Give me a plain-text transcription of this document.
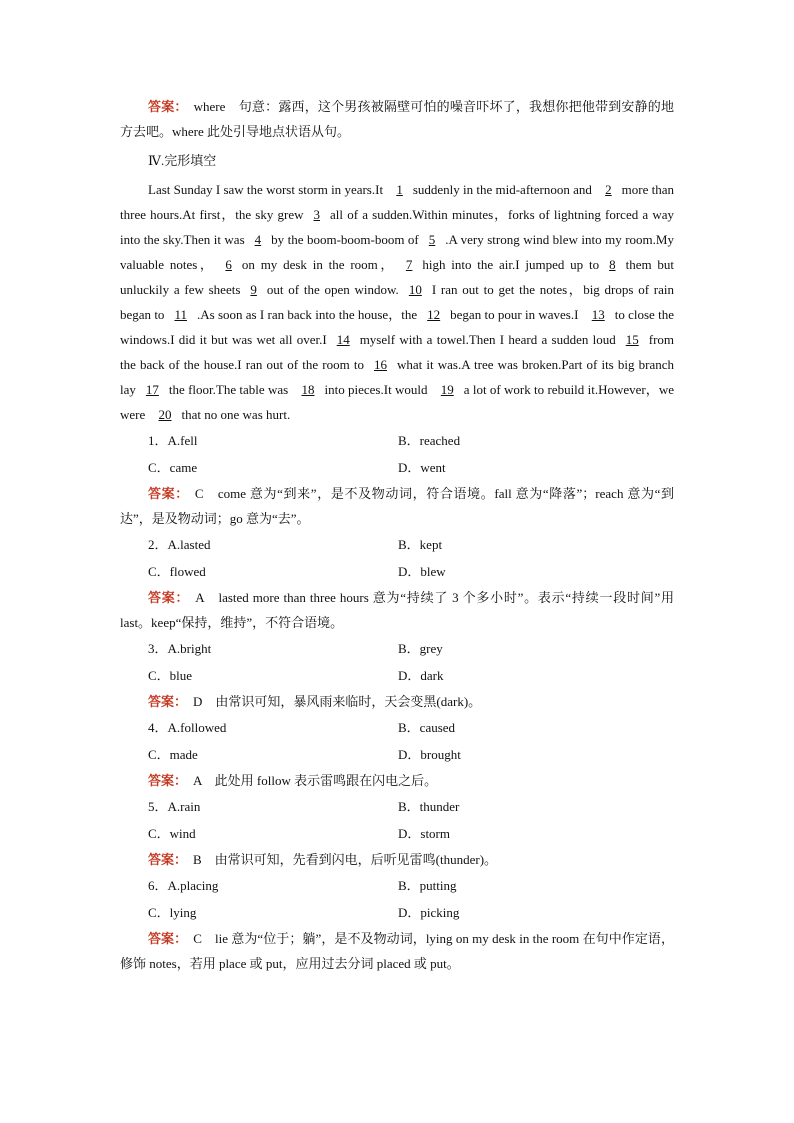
答案： where　句意：露西，这个男孩被隔壁可怕的噪音吓坏了，我想你把他带到安静的地方去吧。where 此处引导地点状语从句。

Ⅳ.完形填空

Last Sunday I saw the worst storm in years.It 1 suddenly in the mid-afternoon and 2 more than three hours.At first，the sky grew 3 all of a sudden.Within minutes，forks of lightning forced a way into the sky.Then it was 4 by the boom-boom-boom of 5 .A very strong wind blew into my room.My valuable notes， 6 on my desk in the room， 7 high into the air.I jumped up to 8 them but unluckily a few sheets 9 out of the open window. 10 I ran out to get the notes，big drops of rain began to 11 .As soon as I ran back into the house，the 12 began to pour in waves.I 13 to close the windows.I did it but was wet all over.I 14 myself with a towel.Then I heard a sudden loud 15 from the back of the house.I ran out of the room to 16 what it was.A tree was broken.Part of its big branch lay 17 the floor.The table was 18 into pieces.It would 19 a lot of work to rebuild it.However，we were 20 that no one was hurt.

1．A.fell	B．reached
C．came	D．went

答案： C　come 意为“到来”，是不及物动词，符合语境。fall 意为“降落”；reach 意为“到达”，是及物动词；go 意为“去”。

2．A.lasted	B．kept
C．flowed	D．blew

答案： A　lasted more than three hours 意为“持续了 3 个多小时”。表示“持续一段时间”用 last。keep“保持，维持”，不符合语境。

3．A.bright	B．grey
C．blue	D．dark

答案： D　由常识可知，暴风雨来临时，天会变黑(dark)。

4．A.followed	B．caused
C．made	D．brought

答案： A　此处用 follow 表示雷鸣跟在闪电之后。

5．A.rain	B．thunder
C．wind	D．storm

答案： B　由常识可知，先看到闪电，后听见雷鸣(thunder)。

6．A.placing	B．putting
C．lying	D．picking

答案： C　lie 意为“位于；躺”，是不及物动词，lying on my desk in the room 在句中作定语，修饰 notes，若用 place 或 put，应用过去分词 placed 或 put。
